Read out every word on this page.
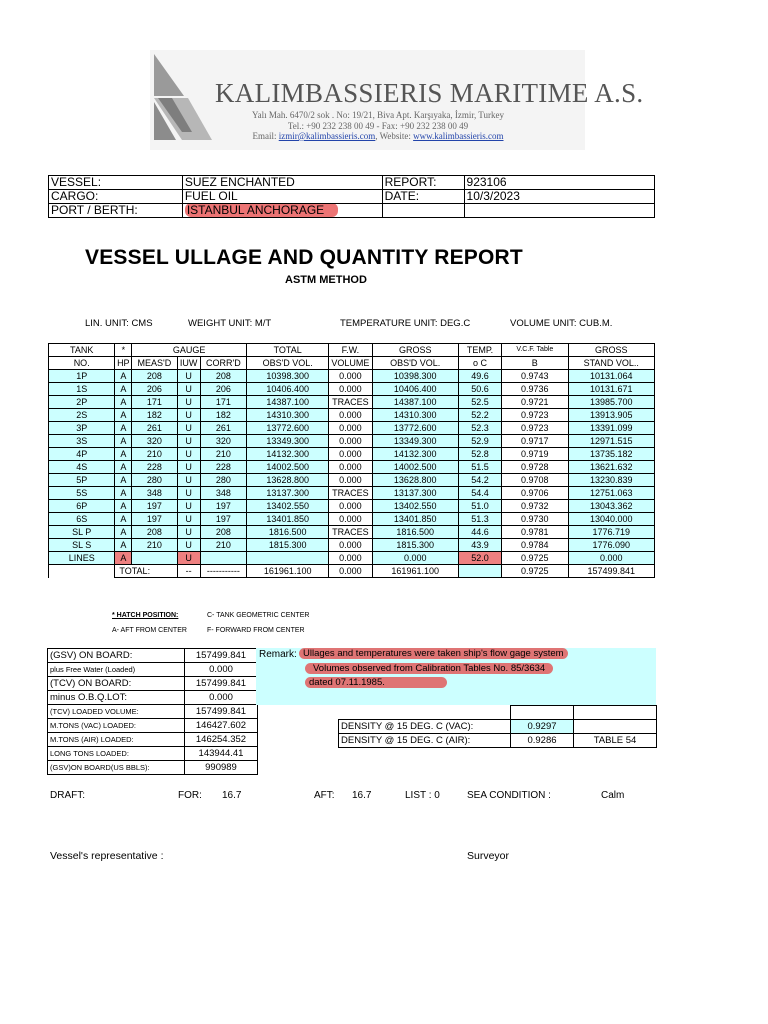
KALIMBASSIERIS MARITIME A.S.
Yalı Mah. 6470/2 sok . No: 19/21, Biva Apt. Karşıyaka, İzmir, Turkey
Tel.: +90 232 238 00 49 - Fax: +90 232 238 00 49
Email: izmir@kalimbassieris.com, Website: www.kalimbassieris.com
VESSEL:	SUEZ ENCHANTED	REPORT:	923106
CARGO:	FUEL OIL	DATE:	10/3/2023
PORT / BERTH:	ISTANBUL ANCHORAGE		
VESSEL ULLAGE AND QUANTITY REPORT
ASTM METHOD
LIN. UNIT: CMS	WEIGHT UNIT: M/T	TEMPERATURE UNIT: DEG.C	VOLUME UNIT: CUB.M.
TANK	*	GAUGE			TOTAL	F.W.	GROSS	TEMP.	V.C.F. Table	GROSS
NO.	HP	MEAS'D	IUW	CORR'D	OBS'D VOL.	VOLUME	OBS'D VOL.	o C	B	STAND VOL..
1P	A	208	U	208	10398.300	0.000	10398.300	49.6	0.9743	10131.064
1S	A	206	U	206	10406.400	0.000	10406.400	50.6	0.9736	10131.671
2P	A	171	U	171	14387.100	TRACES	14387.100	52.5	0.9721	13985.700
2S	A	182	U	182	14310.300	0.000	14310.300	52.2	0.9723	13913.905
3P	A	261	U	261	13772.600	0.000	13772.600	52.3	0.9723	13391.099
3S	A	320	U	320	13349.300	0.000	13349.300	52.9	0.9717	12971.515
4P	A	210	U	210	14132.300	0.000	14132.300	52.8	0.9719	13735.182
4S	A	228	U	228	14002.500	0.000	14002.500	51.5	0.9728	13621.632
5P	A	280	U	280	13628.800	0.000	13628.800	54.2	0.9708	13230.839
5S	A	348	U	348	13137.300	TRACES	13137.300	54.4	0.9706	12751.063
6P	A	197	U	197	13402.550	0.000	13402.550	51.0	0.9732	13043.362
6S	A	197	U	197	13401.850	0.000	13401.850	51.3	0.9730	13040.000
SL P	A	208	U	208	1816.500	TRACES	1816.500	44.6	0.9781	1776.719
SL S	A	210	U	210	1815.300	0.000	1815.300	43.9	0.9784	1776.090
LINES	A		U			0.000	0.000	52.0	0.9725	0.000
	TOTAL:		--	-----------	161961.100	0.000	161961.100		0.9725	157499.841
* HATCH POSITION:	C- TANK GEOMETRIC CENTER
A- AFT FROM CENTER	F- FORWARD FROM CENTER
(GSV) ON BOARD:	157499.841
plus Free Water (Loaded)	0.000
(TCV) ON BOARD:	157499.841
minus O.B.Q.LOT:	0.000
(TCV) LOADED VOLUME:	157499.841
M.TONS (VAC) LOADED:	146427.602
M.TONS (AIR) LOADED:	146254.352
LONG TONS LOADED:	143944.41
(GSV)ON BOARD(US BBLS):	990989
Remark: Ullages and temperatures were taken ship's flow gage system
Volumes observed from Calibration Tables No. 85/3634
dated 07.11.1985.

DENSITY @ 15 DEG. C (VAC):	0.9297	
DENSITY @ 15 DEG. C (AIR):	0.9286	TABLE 54
DRAFT:	FOR: 16.7	AFT: 16.7	LIST : 0	SEA CONDITION :	Calm
Vessel's representative :	Surveyor
